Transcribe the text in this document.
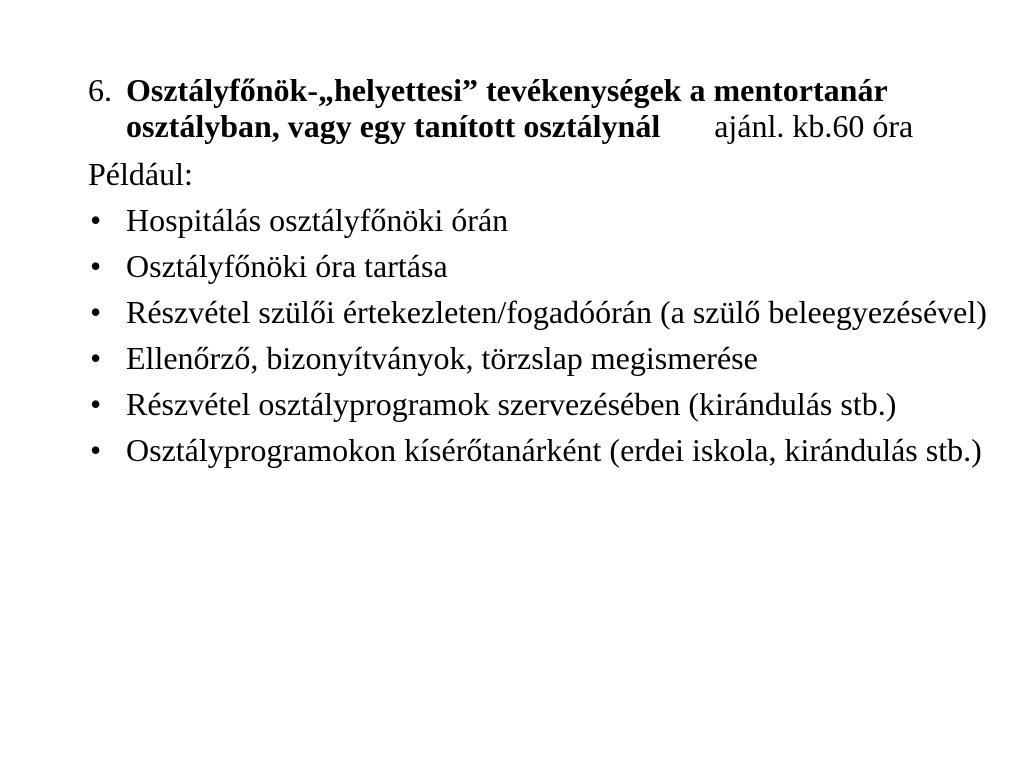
6. Osztályfőnök-„helyettesi” tevékenységek a mentortanár osztályban, vagy egy tanított osztálynál ajánl. kb.60 óra

Például:

• Hospitálás osztályfőnöki órán
• Osztályfőnöki óra tartása
• Részvétel szülői értekezleten/fogadóórán (a szülő beleegyezésével)
• Ellenőrző, bizonyítványok, törzslap megismerése
• Részvétel osztályprogramok szervezésében (kirándulás stb.)
• Osztályprogramokon kísérőtanárként (erdei iskola, kirándulás stb.)
